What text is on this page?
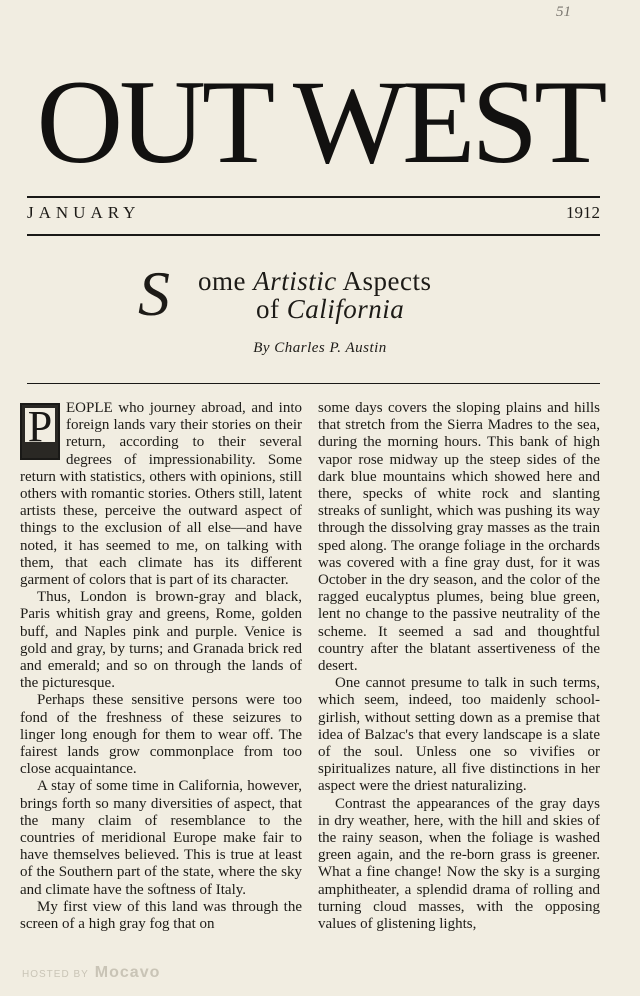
51
OUT WEST
JANUARY	1912
S ome Artistic Aspects
of California
By Charles P. Austin

P EOPLE who journey abroad, and into foreign lands vary their stories on their return, according to their several degrees of impressionability. Some return with statistics, others with opinions, still others with romantic stories. Others still, latent artists these, perceive the outward aspect of things to the exclusion of all else—and have noted, it has seemed to me, on talking with them, that each climate has its different garment of colors that is part of its character.

Thus, London is brown-gray and black, Paris whitish gray and greens, Rome, golden buff, and Naples pink and purple. Venice is gold and gray, by turns; and Granada brick red and emerald; and so on through the lands of the picturesque.

Perhaps these sensitive persons were too fond of the freshness of these seizures to linger long enough for them to wear off. The fairest lands grow commonplace from too close acquaintance.

A stay of some time in California, however, brings forth so many diversities of aspect, that the many claim of resemblance to the countries of meridional Europe make fair to have themselves believed. This is true at least of the Southern part of the state, where the sky and climate have the softness of Italy.

My first view of this land was through the screen of a high gray fog that on

some days covers the sloping plains and hills that stretch from the Sierra Madres to the sea, during the morning hours. This bank of high vapor rose midway up the steep sides of the dark blue mountains which showed here and there, specks of white rock and slanting streaks of sunlight, which was pushing its way through the dissolving gray masses as the train sped along. The orange foliage in the orchards was covered with a fine gray dust, for it was October in the dry season, and the color of the ragged eucalyptus plumes, being blue green, lent no change to the passive neutrality of the scheme. It seemed a sad and thoughtful country after the blatant assertiveness of the desert.

One cannot presume to talk in such terms, which seem, indeed, too maidenly school-girlish, without setting down as a premise that idea of Balzac's that every landscape is a slate of the soul. Unless one so vivifies or spiritualizes nature, all five distinctions in her aspect were the driest naturalizing.

Contrast the appearances of the gray days in dry weather, here, with the hill and skies of the rainy season, when the foliage is washed green again, and the re-born grass is greener. What a fine change! Now the sky is a surging amphitheater, a splendid drama of rolling and turning cloud masses, with the opposing values of glistening lights,

HOSTED BY Mocavo
